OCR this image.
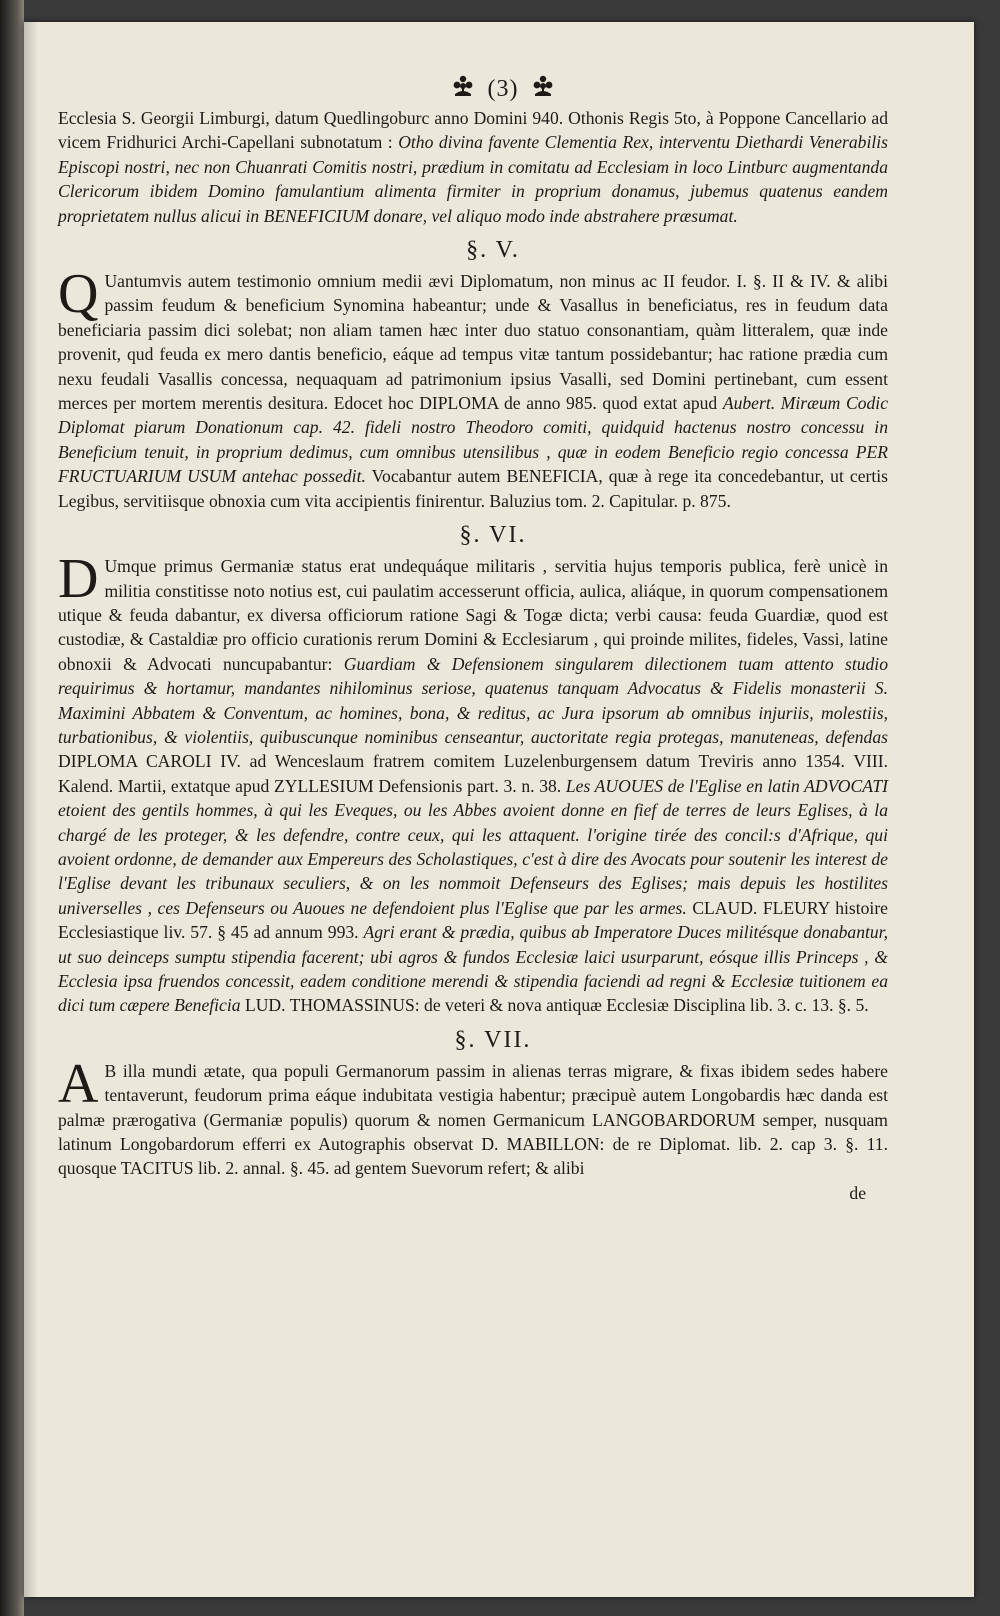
(3)

Ecclesia S. Georgii Limburgi, datum Quedlingoburc anno Domini 940. Othonis Regis 5to, à Poppone Cancellario ad vicem Fridhurici Archi-Capellani subnotatum : Otho divina favente Clementia Rex, interventu Diethardi Venerabilis Episcopi nostri, nec non Chuanrati Comitis nostri, prædium in comitatu ad Ecclesiam in loco Lintburc augmentanda Clericorum ibidem Domino famulantium alimenta firmiter in proprium donamus, jubemus quatenus eandem proprietatem nullus alicui in BENEFICIUM donare, vel aliquo modo inde abstrahere præsumat.

§. V.

Q Uantumvis autem testimonio omnium medii ævi Diplomatum, non minus ac II feudor. I. §. II & IV. & alibi passim feudum & beneficium Synomina habeantur; unde & Vasallus in beneficiatus, res in feudum data beneficiaria passim dici solebat; non aliam tamen hæc inter duo statuo consonantiam, quàm litteralem, quæ inde provenit, qud feuda ex mero dantis beneficio, eáque ad tempus vitæ tantum possidebantur; hac ratione prædia cum nexu feudali Vasallis concessa, nequaquam ad patrimonium ipsius Vasalli, sed Domini pertinebant, cum essent merces per mortem merentis desitura. Edocet hoc DIPLOMA de anno 985. quod extat apud Aubert. Miræum Codic Diplomat piarum Donationum cap. 42. fideli nostro Theodoro comiti, quidquid hactenus nostro concessu in Beneficium tenuit, in proprium dedimus, cum omnibus utensilibus , quæ in eodem Beneficio regio concessa PER FRUCTUARIUM USUM antehac possedit. Vocabantur autem BENEFICIA, quæ à rege ita concedebantur, ut certis Legibus, servitiisque obnoxia cum vita accipientis finirentur. Baluzius tom. 2. Capitular. p. 875.

§. VI.

D Umque primus Germaniæ status erat undequáque militaris , servitia hujus temporis publica, ferè unicè in militia constitisse noto notius est, cui paulatim accesserunt officia, aulica, aliáque, in quorum compensationem utique & feuda dabantur, ex diversa officiorum ratione Sagi & Togæ dicta; verbi causa: feuda Guardiæ, quod est custodiæ, & Castaldiæ pro officio curationis rerum Domini & Ecclesiarum , qui proinde milites, fideles, Vassi, latine obnoxii & Advocati nuncupabantur: Guardiam & Defensionem singularem dilectionem tuam attento studio requirimus & hortamur, mandantes nihilominus seriose, quatenus tanquam Advocatus & Fidelis monasterii S. Maximini Abbatem & Conventum, ac homines, bona, & reditus, ac Jura ipsorum ab omnibus injuriis, molestiis, turbationibus, & violentiis, quibuscunque nominibus censeantur, auctoritate regia protegas, manuteneas, defendas DIPLOMA CAROLI IV. ad Wenceslaum fratrem comitem Luzelenburgensem datum Treviris anno 1354. VIII. Kalend. Martii, extatque apud ZYLLESIUM Defensionis part. 3. n. 38. Les AUOUES de l'Eglise en latin ADVOCATI etoient des gentils hommes, à qui les Eveques, ou les Abbes avoient donne en fief de terres de leurs Eglises, à la chargé de les proteger, & les defendre, contre ceux, qui les attaquent. l'origine tirée des concil:s d'Afrique, qui avoient ordonne, de demander aux Empereurs des Scholastiques, c'est à dire des Avocats pour soutenir les interest de l'Eglise devant les tribunaux seculiers, & on les nommoit Defenseurs des Eglises; mais depuis les hostilites universelles , ces Defenseurs ou Auoues ne defendoient plus l'Eglise que par les armes. CLAUD. FLEURY histoire Ecclesiastique liv. 57. § 45 ad annum 993. Agri erant & prædia, quibus ab Imperatore Duces militésque donabantur, ut suo deinceps sumptu stipendia facerent; ubi agros & fundos Ecclesiæ laici usurparunt, eósque illis Princeps , & Ecclesia ipsa fruendos concessit, eadem conditione merendi & stipendia faciendi ad regni & Ecclesiæ tuitionem ea dici tum cæpere Beneficia LUD. THOMASSINUS: de veteri & nova antiquæ Ecclesiæ Disciplina lib. 3. c. 13. §. 5.

§. VII.

A B illa mundi ætate, qua populi Germanorum passim in alienas terras migrare, & fixas ibidem sedes habere tentaverunt, feudorum prima eáque indubitata vestigia habentur; præcipuè autem Longobardis hæc danda est palmæ prærogativa (Germaniæ populis) quorum & nomen Germanicum LANGOBARDORUM semper, nusquam latinum Longobardorum efferri ex Autographis observat D. MABILLON: de re Diplomat. lib. 2. cap 3. §. 11. quosque TACITUS lib. 2. annal. §. 45. ad gentem Suevorum refert; & alibi

de
